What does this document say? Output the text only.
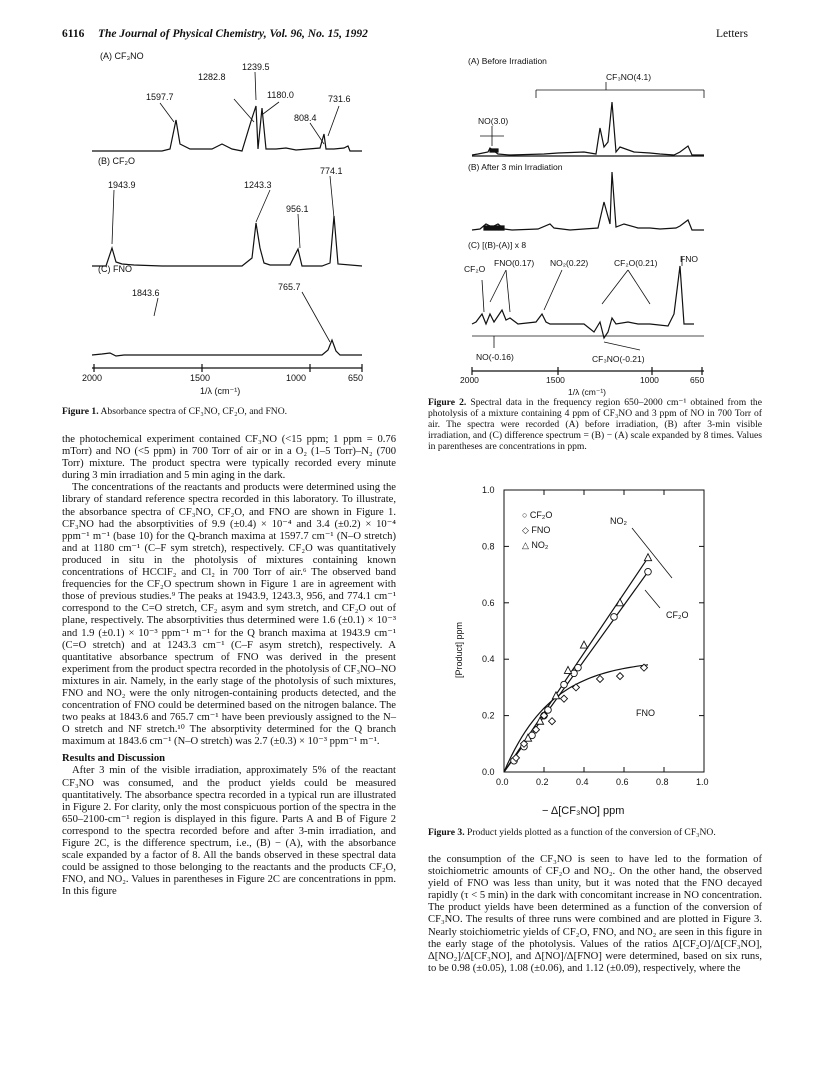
6116 The Journal of Physical Chemistry, Vol. 96, No. 15, 1992	Letters
(A) CF₃NO
1239.5
1282.8
1597.7	1180.0	731.6
808.4
(B) CF₂O
1943.9	1243.3
774.1
956.1
(C) FNO
1843.6
765.7
2000	1500	1000	650
1/λ (cm⁻¹)
Figure 1. Absorbance spectra of CF₃NO, CF₂O, and FNO.
(A) Before Irradiation
CF₃NO(4.1)
NO(3.0)
(B) After 3 min Irradiation
(C) [(B)-(A)] x 8
CF₂O
FNO(0.17) NO₂(0.22)	CF₂O(0.21)	FNO
NO(-0.16)	CF₃NO(-0.21)
2000	1500	1000	650
1/λ (cm⁻¹)
Figure 2. Spectral data in the frequency region 650–2000 cm⁻¹ obtained from the photolysis of a mixture containing 4 ppm of CF₃NO and 3 ppm of NO in 700 Torr of air. The spectra were recorded (A) before irradiation, (B) after 3-min visible irradiation, and (C) difference spectrum = (B) − (A) scale expanded by 8 times. Values in parentheses are concentrations in ppm.
0.0	0.2	0.4	0.6	0.8	1.0
0.0
0.2
0.4
0.6
0.8
1.0
○ CF₂O
◇ FNO
△ NO₂
NO₂
CF₂O
FNO
[Product] ppm
− Δ[CF₃NO] ppm
Figure 3. Product yields plotted as a function of the conversion of CF₃NO.

the photochemical experiment contained CF₃NO (<15 ppm; 1 ppm = 0.76 mTorr) and NO (<5 ppm) in 700 Torr of air or in a O₂ (1–5 Torr)–N₂ (700 Torr) mixture. The product spectra were typically recorded every minute during 3 min irradiation and 5 min aging in the dark.

The concentrations of the reactants and products were determined using the library of standard reference spectra recorded in this laboratory. To illustrate, the absorbance spectra of CF₃NO, CF₂O, and FNO are shown in Figure 1. CF₃NO had the absorptivities of 9.9 (±0.4) × 10⁻⁴ and 3.4 (±0.2) × 10⁻⁴ ppm⁻¹ m⁻¹ (base 10) for the Q-branch maxima at 1597.7 cm⁻¹ (N–O stretch) and at 1180 cm⁻¹ (C–F sym stretch), respectively. CF₂O was quantitatively produced in situ in the photolysis of mixtures containing known concentrations of HCClF₂ and Cl₂ in 700 Torr of air.⁶ The observed band frequencies for the CF₂O spectrum shown in Figure 1 are in agreement with those of previous studies.⁹ The peaks at 1943.9, 1243.3, 956, and 774.1 cm⁻¹ correspond to the C=O stretch, CF₂ asym and sym stretch, and CF₂O out of plane, respectively. The absorptivities thus determined were 1.6 (±0.1) × 10⁻³ and 1.9 (±0.1) × 10⁻³ ppm⁻¹ m⁻¹ for the Q branch maxima at 1943.9 cm⁻¹ (C=O stretch) and at 1243.3 cm⁻¹ (C–F asym stretch), respectively. A quantitative absorbance spectrum of FNO was derived in the present experiment from the product spectra recorded in the photolysis of CF₃NO–NO mixtures in air. Namely, in the early stage of the photolysis of such mixtures, FNO and NO₂ were the only nitrogen-containing products detected, and the concentration of FNO could be determined based on the nitrogen balance. The two peaks at 1843.6 and 765.7 cm⁻¹ have been previously assigned to the N–O stretch and NF stretch.¹⁰ The absorptivity determined for the Q branch maximum at 1843.6 cm⁻¹ (N–O stretch) was 2.7 (±0.3) × 10⁻³ ppm⁻¹ m⁻¹.

Results and Discussion

After 3 min of the visible irradiation, approximately 5% of the reactant CF₃NO was consumed, and the product yields could be measured quantitatively. The absorbance spectra recorded in a typical run are illustrated in Figure 2. For clarity, only the most conspicuous portion of the spectra in the 650–2100-cm⁻¹ region is displayed in this figure. Parts A and B of Figure 2 correspond to the spectra recorded before and after 3-min irradiation, and Figure 2C, is the difference spectrum, i.e., (B) − (A), with the absorbance scale expanded by a factor of 8. All the bands observed in these spectral data could be assigned to those belonging to the reactants and the products CF₂O, FNO, and NO₂. Values in parentheses in Figure 2C are concentrations in ppm. In this figure

the consumption of the CF₃NO is seen to have led to the formation of stoichiometric amounts of CF₂O and NO₂. On the other hand, the observed yield of FNO was less than unity, but it was noted that the FNO decayed rapidly (τ < 5 min) in the dark with concomitant increase in NO concentration. The product yields have been determined as a function of the conversion of CF₃NO. The results of three runs were combined and are plotted in Figure 3. Nearly stoichiometric yields of CF₂O, FNO, and NO₂ are seen in this figure in the early stage of the photolysis. Values of the ratios Δ[CF₂O]/Δ[CF₃NO], Δ[NO₂]/Δ[CF₃NO], and Δ[NO]/Δ[FNO] were determined, based on six runs, to be 0.98 (±0.05), 1.08 (±0.06), and 1.12 (±0.09), respectively, where the
